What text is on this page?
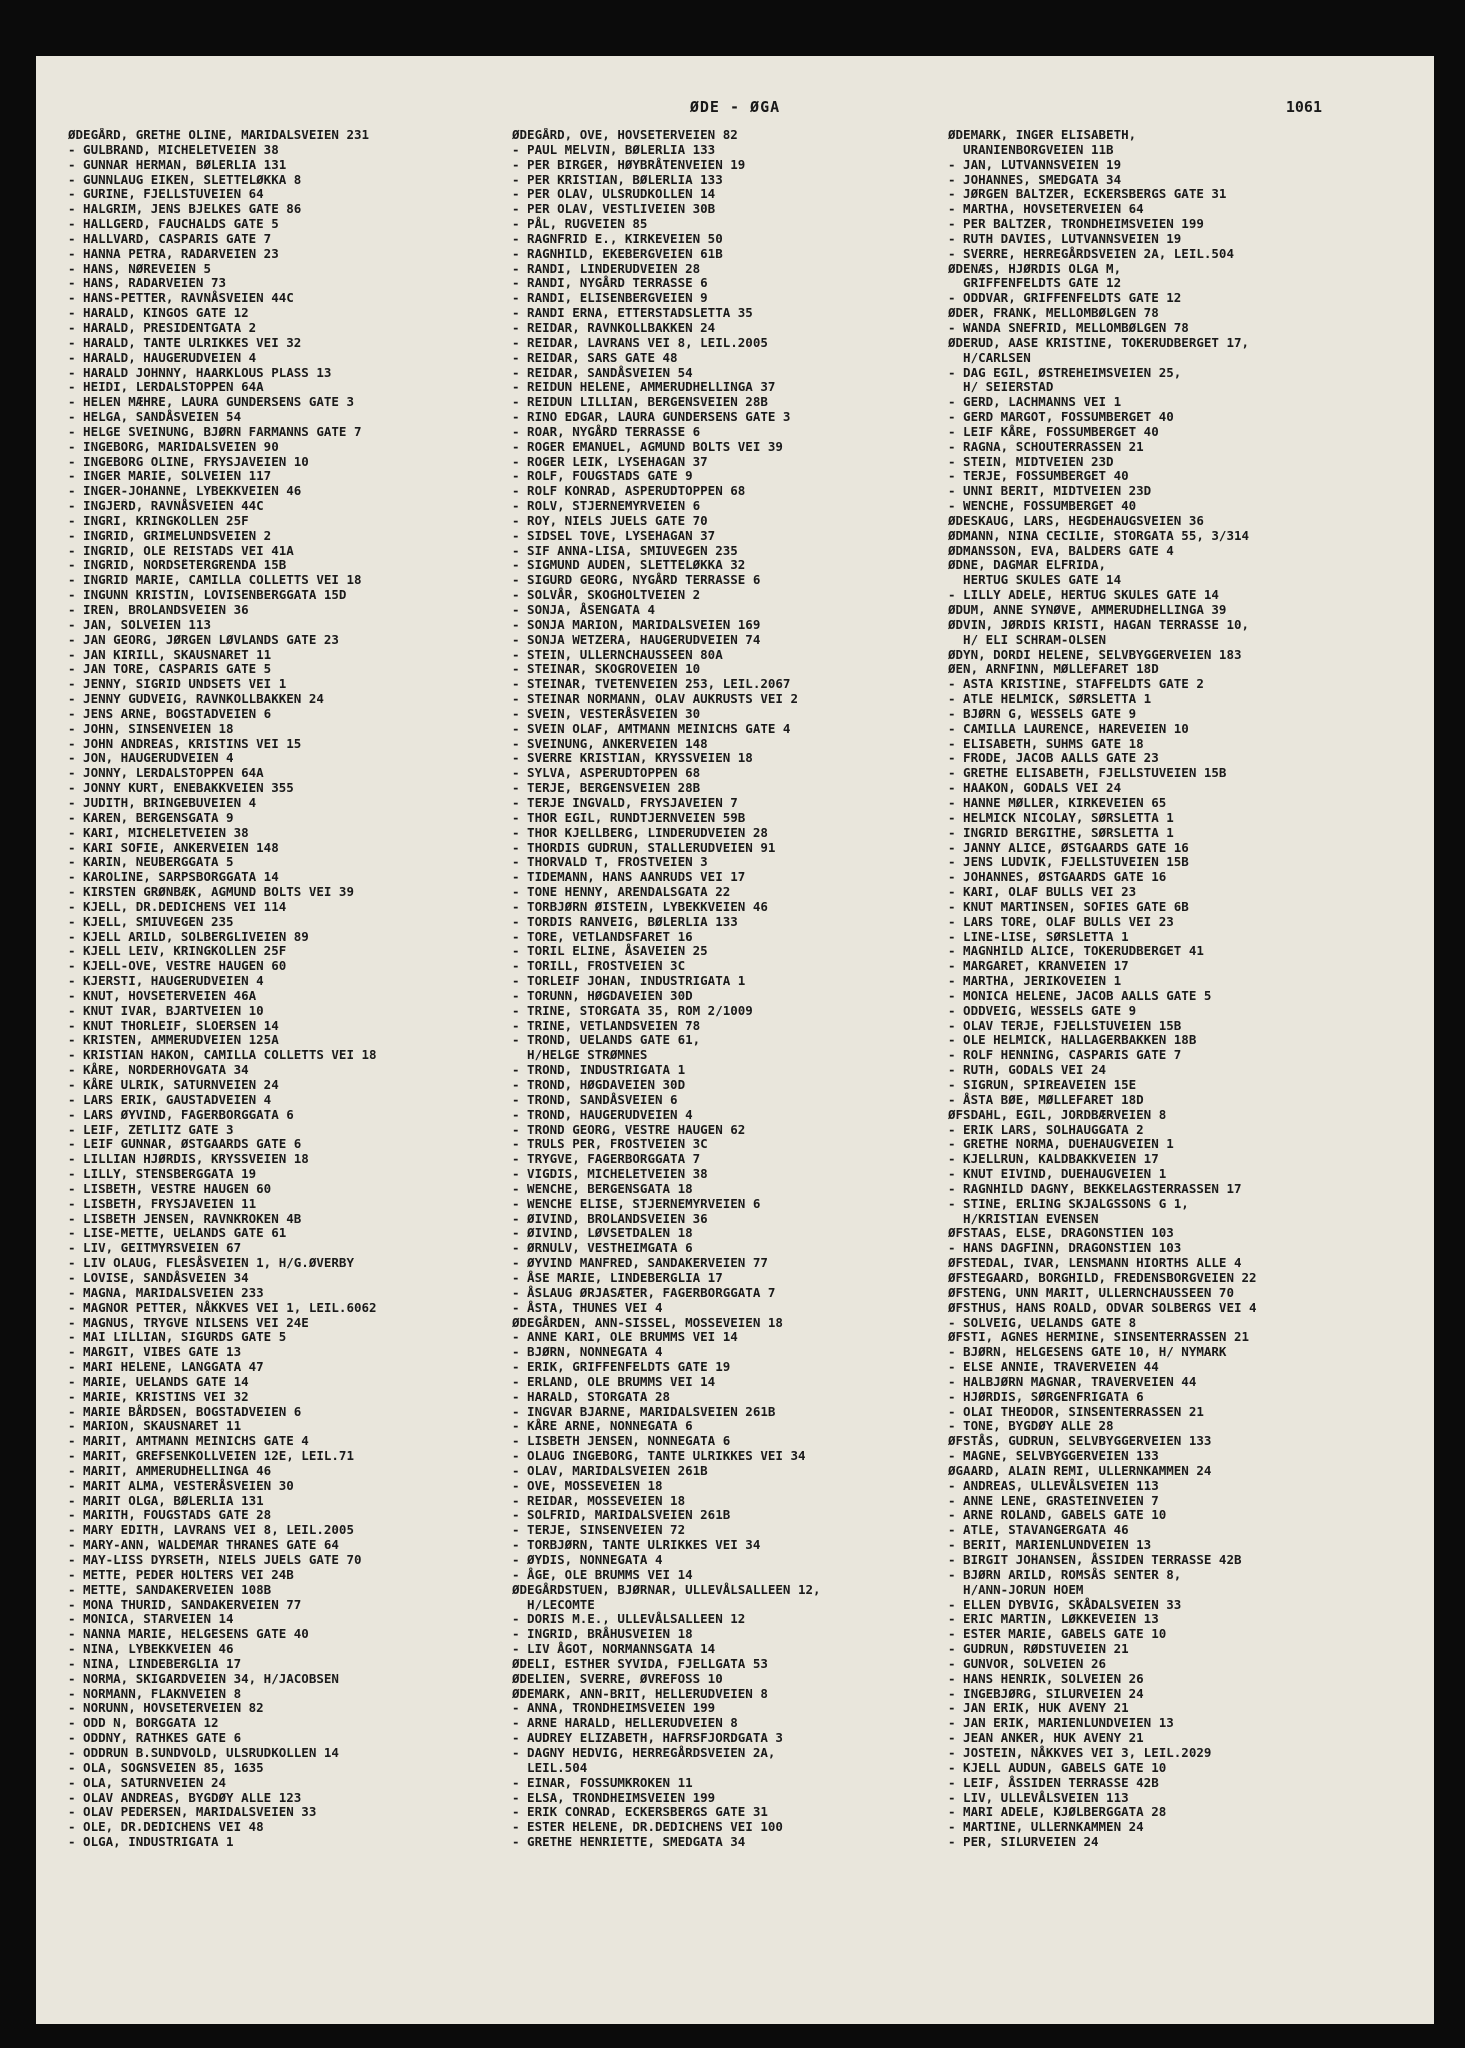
ØDE - ØGA	1061
ØDEGÅRD, GRETHE OLINE, MARIDALSVEIEN 231
- GULBRAND, MICHELETVEIEN 38
- GUNNAR HERMAN, BØLERLIA 131
- GUNNLAUG EIKEN, SLETTELØKKA 8
- GURINE, FJELLSTUVEIEN 64
- HALGRIM, JENS BJELKES GATE 86
- HALLGERD, FAUCHALDS GATE 5
- HALLVARD, CASPARIS GATE 7
- HANNA PETRA, RADARVEIEN 23
- HANS, NØREVEIEN 5
- HANS, RADARVEIEN 73
- HANS-PETTER, RAVNÅSVEIEN 44C
- HARALD, KINGOS GATE 12
- HARALD, PRESIDENTGATA 2
- HARALD, TANTE ULRIKKES VEI 32
- HARALD, HAUGERUDVEIEN 4
- HARALD JOHNNY, HAARKLOUS PLASS 13
- HEIDI, LERDALSTOPPEN 64A
- HELEN MÆHRE, LAURA GUNDERSENS GATE 3
- HELGA, SANDÅSVEIEN 54
- HELGE SVEINUNG, BJØRN FARMANNS GATE 7
- INGEBORG, MARIDALSVEIEN 90
- INGEBORG OLINE, FRYSJAVEIEN 10
- INGER MARIE, SOLVEIEN 117
- INGER-JOHANNE, LYBEKKVEIEN 46
- INGJERD, RAVNÅSVEIEN 44C
- INGRI, KRINGKOLLEN 25F
- INGRID, GRIMELUNDSVEIEN 2
- INGRID, OLE REISTADS VEI 41A
- INGRID, NORDSETERGRENDA 15B
- INGRID MARIE, CAMILLA COLLETTS VEI 18
- INGUNN KRISTIN, LOVISENBERGGATA 15D
- IREN, BROLANDSVEIEN 36
- JAN, SOLVEIEN 113
- JAN GEORG, JØRGEN LØVLANDS GATE 23
- JAN KIRILL, SKAUSNARET 11
- JAN TORE, CASPARIS GATE 5
- JENNY, SIGRID UNDSETS VEI 1
- JENNY GUDVEIG, RAVNKOLLBAKKEN 24
- JENS ARNE, BOGSTADVEIEN 6
- JOHN, SINSENVEIEN 18
- JOHN ANDREAS, KRISTINS VEI 15
- JON, HAUGERUDVEIEN 4
- JONNY, LERDALSTOPPEN 64A
- JONNY KURT, ENEBAKKVEIEN 355
- JUDITH, BRINGEBUVEIEN 4
- KAREN, BERGENSGATA 9
- KARI, MICHELETVEIEN 38
- KARI SOFIE, ANKERVEIEN 148
- KARIN, NEUBERGGATA 5
- KAROLINE, SARPSBORGGATA 14
- KIRSTEN GRØNBÆK, AGMUND BOLTS VEI 39
- KJELL, DR.DEDICHENS VEI 114
- KJELL, SMIUVEGEN 235
- KJELL ARILD, SOLBERGLIVEIEN 89
- KJELL LEIV, KRINGKOLLEN 25F
- KJELL-OVE, VESTRE HAUGEN 60
- KJERSTI, HAUGERUDVEIEN 4
- KNUT, HOVSETERVEIEN 46A
- KNUT IVAR, BJARTVEIEN 10
- KNUT THORLEIF, SLOERSEN 14
- KRISTEN, AMMERUDVEIEN 125A
- KRISTIAN HAKON, CAMILLA COLLETTS VEI 18
- KÅRE, NORDERHOVGATA 34
- KÅRE ULRIK, SATURNVEIEN 24
- LARS ERIK, GAUSTADVEIEN 4
- LARS ØYVIND, FAGERBORGGATA 6
- LEIF, ZETLITZ GATE 3
- LEIF GUNNAR, ØSTGAARDS GATE 6
- LILLIAN HJØRDIS, KRYSSVEIEN 18
- LILLY, STENSBERGGATA 19
- LISBETH, VESTRE HAUGEN 60
- LISBETH, FRYSJAVEIEN 11
- LISBETH JENSEN, RAVNKROKEN 4B
- LISE-METTE, UELANDS GATE 61
- LIV, GEITMYRSVEIEN 67
- LIV OLAUG, FLESÅSVEIEN 1, H/G.ØVERBY
- LOVISE, SANDÅSVEIEN 34
- MAGNA, MARIDALSVEIEN 233
- MAGNOR PETTER, NÅKKVES VEI 1, LEIL.6062
- MAGNUS, TRYGVE NILSENS VEI 24E
- MAI LILLIAN, SIGURDS GATE 5
- MARGIT, VIBES GATE 13
- MARI HELENE, LANGGATA 47
- MARIE, UELANDS GATE 14
- MARIE, KRISTINS VEI 32
- MARIE BÅRDSEN, BOGSTADVEIEN 6
- MARION, SKAUSNARET 11
- MARIT, AMTMANN MEINICHS GATE 4
- MARIT, GREFSENKOLLVEIEN 12E, LEIL.71
- MARIT, AMMERUDHELLINGA 46
- MARIT ALMA, VESTERÅSVEIEN 30
- MARIT OLGA, BØLERLIA 131
- MARITH, FOUGSTADS GATE 28
- MARY EDITH, LAVRANS VEI 8, LEIL.2005
- MARY-ANN, WALDEMAR THRANES GATE 64
- MAY-LISS DYRSETH, NIELS JUELS GATE 70
- METTE, PEDER HOLTERS VEI 24B
- METTE, SANDAKERVEIEN 108B
- MONA THURID, SANDAKERVEIEN 77
- MONICA, STARVEIEN 14
- NANNA MARIE, HELGESENS GATE 40
- NINA, LYBEKKVEIEN 46
- NINA, LINDEBERGLIA 17
- NORMA, SKIGARDVEIEN 34, H/JACOBSEN
- NORMANN, FLAKNVEIEN 8
- NORUNN, HOVSETERVEIEN 82
- ODD N, BORGGATA 12
- ODDNY, RATHKES GATE 6
- ODDRUN B.SUNDVOLD, ULSRUDKOLLEN 14
- OLA, SOGNSVEIEN 85, 1635
- OLA, SATURNVEIEN 24
- OLAV ANDREAS, BYGDØY ALLE 123
- OLAV PEDERSEN, MARIDALSVEIEN 33
- OLE, DR.DEDICHENS VEI 48
- OLGA, INDUSTRIGATA 1
ØDEGÅRD, OVE, HOVSETERVEIEN 82
- PAUL MELVIN, BØLERLIA 133
- PER BIRGER, HØYBRÅTENVEIEN 19
- PER KRISTIAN, BØLERLIA 133
- PER OLAV, ULSRUDKOLLEN 14
- PER OLAV, VESTLIVEIEN 30B
- PÅL, RUGVEIEN 85
- RAGNFRID E., KIRKEVEIEN 50
- RAGNHILD, EKEBERGVEIEN 61B
- RANDI, LINDERUDVEIEN 28
- RANDI, NYGÅRD TERRASSE 6
- RANDI, ELISENBERGVEIEN 9
- RANDI ERNA, ETTERSTADSLETTA 35
- REIDAR, RAVNKOLLBAKKEN 24
- REIDAR, LAVRANS VEI 8, LEIL.2005
- REIDAR, SARS GATE 48
- REIDAR, SANDÅSVEIEN 54
- REIDUN HELENE, AMMERUDHELLINGA 37
- REIDUN LILLIAN, BERGENSVEIEN 28B
- RINO EDGAR, LAURA GUNDERSENS GATE 3
- ROAR, NYGÅRD TERRASSE 6
- ROGER EMANUEL, AGMUND BOLTS VEI 39
- ROGER LEIK, LYSEHAGAN 37
- ROLF, FOUGSTADS GATE 9
- ROLF KONRAD, ASPERUDTOPPEN 68
- ROLV, STJERNEMYRVEIEN 6
- ROY, NIELS JUELS GATE 70
- SIDSEL TOVE, LYSEHAGAN 37
- SIF ANNA-LISA, SMIUVEGEN 235
- SIGMUND AUDEN, SLETTELØKKA 32
- SIGURD GEORG, NYGÅRD TERRASSE 6
- SOLVÅR, SKOGHOLTVEIEN 2
- SONJA, ÅSENGATA 4
- SONJA MARION, MARIDALSVEIEN 169
- SONJA WETZERA, HAUGERUDVEIEN 74
- STEIN, ULLERNCHAUSSEEN 80A
- STEINAR, SKOGROVEIEN 10
- STEINAR, TVETENVEIEN 253, LEIL.2067
- STEINAR NORMANN, OLAV AUKRUSTS VEI 2
- SVEIN, VESTERÅSVEIEN 30
- SVEIN OLAF, AMTMANN MEINICHS GATE 4
- SVEINUNG, ANKERVEIEN 148
- SVERRE KRISTIAN, KRYSSVEIEN 18
- SYLVA, ASPERUDTOPPEN 68
- TERJE, BERGENSVEIEN 28B
- TERJE INGVALD, FRYSJAVEIEN 7
- THOR EGIL, RUNDTJERNVEIEN 59B
- THOR KJELLBERG, LINDERUDVEIEN 28
- THORDIS GUDRUN, STALLERUDVEIEN 91
- THORVALD T, FROSTVEIEN 3
- TIDEMANN, HANS AANRUDS VEI 17
- TONE HENNY, ARENDALSGATA 22
- TORBJØRN ØISTEIN, LYBEKKVEIEN 46
- TORDIS RANVEIG, BØLERLIA 133
- TORE, VETLANDSFARET 16
- TORIL ELINE, ÅSAVEIEN 25
- TORILL, FROSTVEIEN 3C
- TORLEIF JOHAN, INDUSTRIGATA 1
- TORUNN, HØGDAVEIEN 30D
- TRINE, STORGATA 35, ROM 2/1009
- TRINE, VETLANDSVEIEN 78
- TROND, UELANDS GATE 61,
H/HELGE STRØMNES
- TROND, INDUSTRIGATA 1
- TROND, HØGDAVEIEN 30D
- TROND, SANDÅSVEIEN 6
- TROND, HAUGERUDVEIEN 4
- TROND GEORG, VESTRE HAUGEN 62
- TRULS PER, FROSTVEIEN 3C
- TRYGVE, FAGERBORGGATA 7
- VIGDIS, MICHELETVEIEN 38
- WENCHE, BERGENSGATA 18
- WENCHE ELISE, STJERNEMYRVEIEN 6
- ØIVIND, BROLANDSVEIEN 36
- ØIVIND, LØVSETDALEN 18
- ØRNULV, VESTHEIMGATA 6
- ØYVIND MANFRED, SANDAKERVEIEN 77
- ÅSE MARIE, LINDEBERGLIA 17
- ÅSLAUG ØRJASÆTER, FAGERBORGGATA 7
- ÅSTA, THUNES VEI 4
ØDEGÅRDEN, ANN-SISSEL, MOSSEVEIEN 18
- ANNE KARI, OLE BRUMMS VEI 14
- BJØRN, NONNEGATA 4
- ERIK, GRIFFENFELDTS GATE 19
- ERLAND, OLE BRUMMS VEI 14
- HARALD, STORGATA 28
- INGVAR BJARNE, MARIDALSVEIEN 261B
- KÅRE ARNE, NONNEGATA 6
- LISBETH JENSEN, NONNEGATA 6
- OLAUG INGEBORG, TANTE ULRIKKES VEI 34
- OLAV, MARIDALSVEIEN 261B
- OVE, MOSSEVEIEN 18
- REIDAR, MOSSEVEIEN 18
- SOLFRID, MARIDALSVEIEN 261B
- TERJE, SINSENVEIEN 72
- TORBJØRN, TANTE ULRIKKES VEI 34
- ØYDIS, NONNEGATA 4
- ÅGE, OLE BRUMMS VEI 14
ØDEGÅRDSTUEN, BJØRNAR, ULLEVÅLSALLEEN 12,
H/LECOMTE
- DORIS M.E., ULLEVÅLSALLEEN 12
- INGRID, BRÅHUSVEIEN 18
- LIV ÅGOT, NORMANNSGATA 14
ØDELI, ESTHER SYVIDA, FJELLGATA 53
ØDELIEN, SVERRE, ØVREFOSS 10
ØDEMARK, ANN-BRIT, HELLERUDVEIEN 8
- ANNA, TRONDHEIMSVEIEN 199
- ARNE HARALD, HELLERUDVEIEN 8
- AUDREY ELIZABETH, HAFRSFJORDGATA 3
- DAGNY HEDVIG, HERREGÅRDSVEIEN 2A,
LEIL.504
- EINAR, FOSSUMKROKEN 11
- ELSA, TRONDHEIMSVEIEN 199
- ERIK CONRAD, ECKERSBERGS GATE 31
- ESTER HELENE, DR.DEDICHENS VEI 100
- GRETHE HENRIETTE, SMEDGATA 34
ØDEMARK, INGER ELISABETH,
URANIENBORGVEIEN 11B
- JAN, LUTVANNSVEIEN 19
- JOHANNES, SMEDGATA 34
- JØRGEN BALTZER, ECKERSBERGS GATE 31
- MARTHA, HOVSETERVEIEN 64
- PER BALTZER, TRONDHEIMSVEIEN 199
- RUTH DAVIES, LUTVANNSVEIEN 19
- SVERRE, HERREGÅRDSVEIEN 2A, LEIL.504
ØDENÆS, HJØRDIS OLGA M,
GRIFFENFELDTS GATE 12
- ODDVAR, GRIFFENFELDTS GATE 12
ØDER, FRANK, MELLOMBØLGEN 78
- WANDA SNEFRID, MELLOMBØLGEN 78
ØDERUD, AASE KRISTINE, TOKERUDBERGET 17,
H/CARLSEN
- DAG EGIL, ØSTREHEIMSVEIEN 25,
H/ SEIERSTAD
- GERD, LACHMANNS VEI 1
- GERD MARGOT, FOSSUMBERGET 40
- LEIF KÅRE, FOSSUMBERGET 40
- RAGNA, SCHOUTERRASSEN 21
- STEIN, MIDTVEIEN 23D
- TERJE, FOSSUMBERGET 40
- UNNI BERIT, MIDTVEIEN 23D
- WENCHE, FOSSUMBERGET 40
ØDESKAUG, LARS, HEGDEHAUGSVEIEN 36
ØDMANN, NINA CECILIE, STORGATA 55, 3/314
ØDMANSSON, EVA, BALDERS GATE 4
ØDNE, DAGMAR ELFRIDA,
HERTUG SKULES GATE 14
- LILLY ADELE, HERTUG SKULES GATE 14
ØDUM, ANNE SYNØVE, AMMERUDHELLINGA 39
ØDVIN, JØRDIS KRISTI, HAGAN TERRASSE 10,
H/ ELI SCHRAM-OLSEN
ØDYN, DORDI HELENE, SELVBYGGERVEIEN 183
ØEN, ARNFINN, MØLLEFARET 18D
- ASTA KRISTINE, STAFFELDTS GATE 2
- ATLE HELMICK, SØRSLETTA 1
- BJØRN G, WESSELS GATE 9
- CAMILLA LAURENCE, HAREVEIEN 10
- ELISABETH, SUHMS GATE 18
- FRODE, JACOB AALLS GATE 23
- GRETHE ELISABETH, FJELLSTUVEIEN 15B
- HAAKON, GODALS VEI 24
- HANNE MØLLER, KIRKEVEIEN 65
- HELMICK NICOLAY, SØRSLETTA 1
- INGRID BERGITHE, SØRSLETTA 1
- JANNY ALICE, ØSTGAARDS GATE 16
- JENS LUDVIK, FJELLSTUVEIEN 15B
- JOHANNES, ØSTGAARDS GATE 16
- KARI, OLAF BULLS VEI 23
- KNUT MARTINSEN, SOFIES GATE 6B
- LARS TORE, OLAF BULLS VEI 23
- LINE-LISE, SØRSLETTA 1
- MAGNHILD ALICE, TOKERUDBERGET 41
- MARGARET, KRANVEIEN 17
- MARTHA, JERIKOVEIEN 1
- MONICA HELENE, JACOB AALLS GATE 5
- ODDVEIG, WESSELS GATE 9
- OLAV TERJE, FJELLSTUVEIEN 15B
- OLE HELMICK, HALLAGERBAKKEN 18B
- ROLF HENNING, CASPARIS GATE 7
- RUTH, GODALS VEI 24
- SIGRUN, SPIREAVEIEN 15E
- ÅSTA BØE, MØLLEFARET 18D
ØFSDAHL, EGIL, JORDBÆRVEIEN 8
- ERIK LARS, SOLHAUGGATA 2
- GRETHE NORMA, DUEHAUGVEIEN 1
- KJELLRUN, KALDBAKKVEIEN 17
- KNUT EIVIND, DUEHAUGVEIEN 1
- RAGNHILD DAGNY, BEKKELAGSTERRASSEN 17
- STINE, ERLING SKJALGSSONS G 1,
H/KRISTIAN EVENSEN
ØFSTAAS, ELSE, DRAGONSTIEN 103
- HANS DAGFINN, DRAGONSTIEN 103
ØFSTEDAL, IVAR, LENSMANN HIORTHS ALLE 4
ØFSTEGAARD, BORGHILD, FREDENSBORGVEIEN 22
ØFSTENG, UNN MARIT, ULLERNCHAUSSEEN 70
ØFSTHUS, HANS ROALD, ODVAR SOLBERGS VEI 4
- SOLVEIG, UELANDS GATE 8
ØFSTI, AGNES HERMINE, SINSENTERRASSEN 21
- BJØRN, HELGESENS GATE 10, H/ NYMARK
- ELSE ANNIE, TRAVERVEIEN 44
- HALBJØRN MAGNAR, TRAVERVEIEN 44
- HJØRDIS, SØRGENFRIGATA 6
- OLAI THEODOR, SINSENTERRASSEN 21
- TONE, BYGDØY ALLE 28
ØFSTÅS, GUDRUN, SELVBYGGERVEIEN 133
- MAGNE, SELVBYGGERVEIEN 133
ØGAARD, ALAIN REMI, ULLERNKAMMEN 24
- ANDREAS, ULLEVÅLSVEIEN 113
- ANNE LENE, GRASTEINVEIEN 7
- ARNE ROLAND, GABELS GATE 10
- ATLE, STAVANGERGATA 46
- BERIT, MARIENLUNDVEIEN 13
- BIRGIT JOHANSEN, ÅSSIDEN TERRASSE 42B
- BJØRN ARILD, ROMSÅS SENTER 8,
H/ANN-JORUN HOEM
- ELLEN DYBVIG, SKÅDALSVEIEN 33
- ERIC MARTIN, LØKKEVEIEN 13
- ESTER MARIE, GABELS GATE 10
- GUDRUN, RØDSTUVEIEN 21
- GUNVOR, SOLVEIEN 26
- HANS HENRIK, SOLVEIEN 26
- INGEBJØRG, SILURVEIEN 24
- JAN ERIK, HUK AVENY 21
- JAN ERIK, MARIENLUNDVEIEN 13
- JEAN ANKER, HUK AVENY 21
- JOSTEIN, NÅKKVES VEI 3, LEIL.2029
- KJELL AUDUN, GABELS GATE 10
- LEIF, ÅSSIDEN TERRASSE 42B
- LIV, ULLEVÅLSVEIEN 113
- MARI ADELE, KJØLBERGGATA 28
- MARTINE, ULLERNKAMMEN 24
- PER, SILURVEIEN 24
